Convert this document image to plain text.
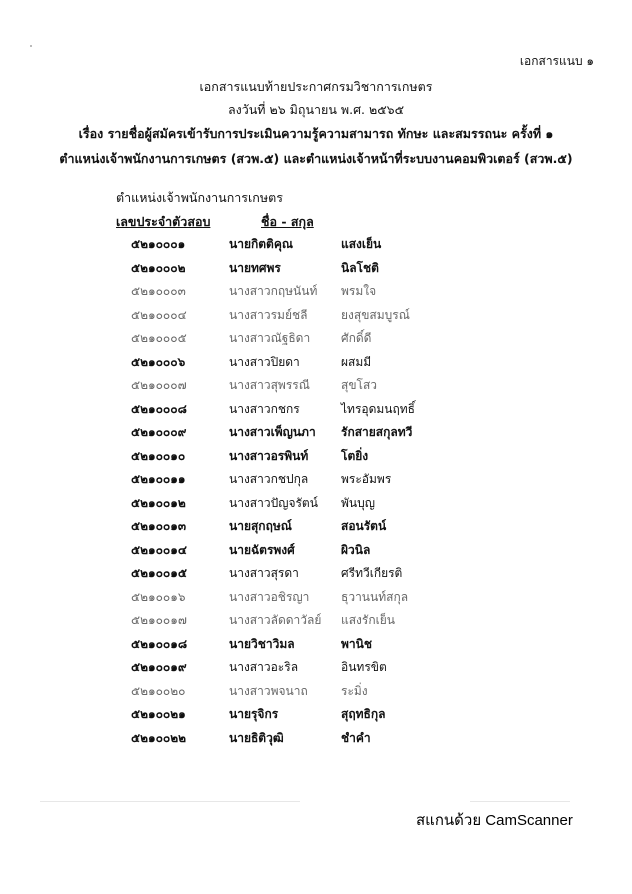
เอกสารแนบ ๑
เอกสารแนบท้ายประกาศกรมวิชาการเกษตร
ลงวันที่ ๒๖ มิถุนายน พ.ศ. ๒๕๖๕
เรื่อง รายชื่อผู้สมัครเข้ารับการประเมินความรู้ความสามารถ ทักษะ และสมรรถนะ ครั้งที่ ๑
ตำแหน่งเจ้าพนักงานการเกษตร (สวพ.๕) และตำแหน่งเจ้าหน้าที่ระบบงานคอมพิวเตอร์ (สวพ.๕)
ตำแหน่งเจ้าพนักงานการเกษตร
เลขประจำตัวสอบ	ชื่อ - สกุล
๕๒๑๐๐๐๑	นายกิตติคุณ	แสงเย็น
๕๒๑๐๐๐๒	นายทศพร	นิลโชติ
๕๒๑๐๐๐๓	นางสาวกฤษนันท์ พรมใจ
๕๒๑๐๐๐๔	นางสาวรมย์ชลี	ยงสุขสมบูรณ์
๕๒๑๐๐๐๕	นางสาวณัฐธิดา	ศักดิ์ดี
๕๒๑๐๐๐๖	นางสาวปิยดา	ผสมมี
๕๒๑๐๐๐๗	นางสาวสุพรรณี	สุขโสว
๕๒๑๐๐๐๘	นางสาวกชกร	ไทรอุดมนฤทธิ์
๕๒๑๐๐๐๙	นางสาวเพ็ญนภา รักสายสกุลทวี
๕๒๑๐๐๑๐	นางสาวอรพินท์	โตยิ่ง
๕๒๑๐๐๑๑	นางสาวกชปกุล	พระอัมพร
๕๒๑๐๐๑๒	นางสาวปัญจรัตน์ พันบุญ
๕๒๑๐๐๑๓	นายสุกฤษณ์	สอนรัตน์
๕๒๑๐๐๑๔	นายฉัตรพงศ์	ผิวนิล
๕๒๑๐๐๑๕	นางสาวสุรดา	ศรีทวีเกียรติ
๕๒๑๐๐๑๖	นางสาวอชิรญา	ธุวานนท์สกุล
๕๒๑๐๐๑๗	นางสาวลัดดาวัลย์ แสงรักเย็น
๕๒๑๐๐๑๘	นายวิชาวิมล	พานิช
๕๒๑๐๐๑๙	นางสาวอะริล	อินทรขิต
๕๒๑๐๐๒๐	นางสาวพจนาถ	ระมิ่ง
๕๒๑๐๐๒๑	นายรุจิกร	สุฤทธิกุล
๕๒๑๐๐๒๒	นายธิติวุฒิ	ชำคำ
สแกนด้วย CamScanner
